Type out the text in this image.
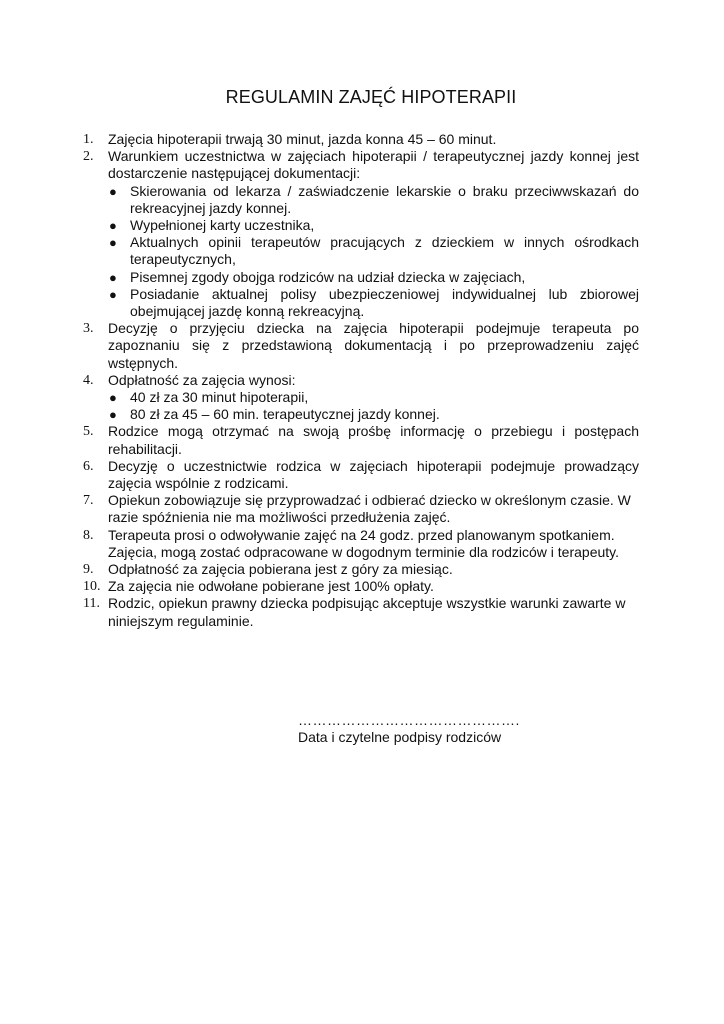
REGULAMIN ZAJĘĆ HIPOTERAPII
1.	Zajęcia hipoterapii trwają 30 minut, jazda konna 45 – 60 minut.
2.	Warunkiem uczestnictwa w zajęciach hipoterapii / terapeutycznej jazdy konnej jest dostarczenie następującej dokumentacji:
● Skierowania od lekarza / zaświadczenie lekarskie o braku przeciwwskazań do rekreacyjnej jazdy konnej.
● Wypełnionej karty uczestnika,
● Aktualnych opinii terapeutów pracujących z dzieckiem w innych ośrodkach terapeutycznych,
● Pisemnej zgody obojga rodziców na udział dziecka w zajęciach,
● Posiadanie aktualnej polisy ubezpieczeniowej indywidualnej lub zbiorowej obejmującej jazdę konną rekreacyjną.
3.	Decyzję o przyjęciu dziecka na zajęcia hipoterapii podejmuje terapeuta po zapoznaniu się z przedstawioną dokumentacją i po przeprowadzeniu zajęć wstępnych.
4.	Odpłatność za zajęcia wynosi:
● 40 zł za 30 minut hipoterapii,
● 80 zł za 45 – 60 min. terapeutycznej jazdy konnej.
5.	Rodzice mogą otrzymać na swoją prośbę informację o przebiegu i postępach rehabilitacji.
6.	Decyzję o uczestnictwie rodzica w zajęciach hipoterapii podejmuje prowadzący zajęcia wspólnie z rodzicami.
7.	Opiekun zobowiązuje się przyprowadzać i odbierać dziecko w określonym czasie. W razie spóźnienia nie ma możliwości przedłużenia zajęć.
8.	Terapeuta prosi o odwoływanie zajęć na 24 godz. przed planowanym spotkaniem. Zajęcia, mogą zostać odpracowane w dogodnym terminie dla rodziców i terapeuty.
9.	Odpłatność za zajęcia pobierana jest z góry za miesiąc.
10. Za zajęcia nie odwołane pobierane jest 100% opłaty.
11. Rodzic, opiekun prawny dziecka podpisując akceptuje wszystkie warunki zawarte w niniejszym regulaminie.
……………………………………….
Data i czytelne podpisy rodziców
